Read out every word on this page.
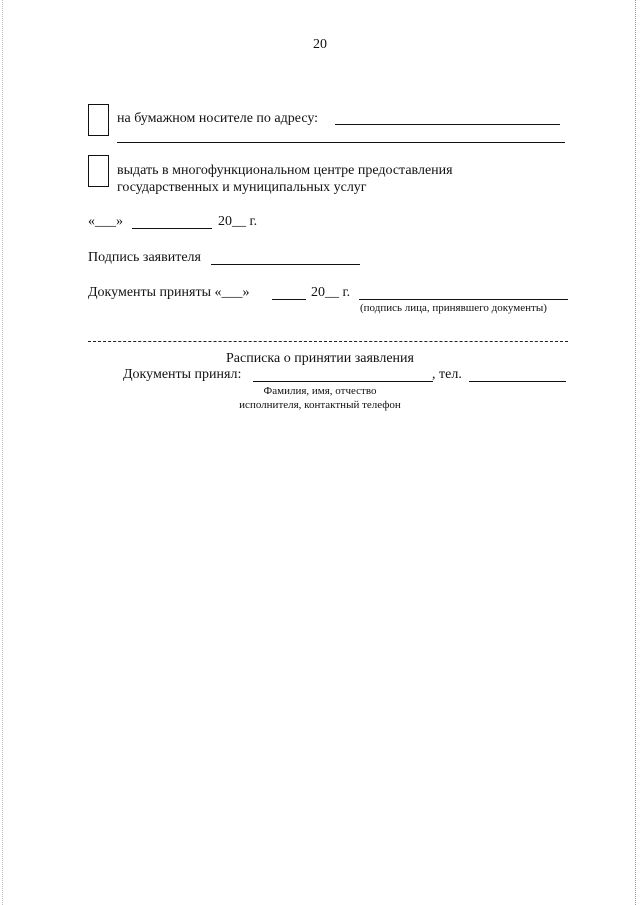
20
на бумажном носителе по адресу:
выдать в многофункциональном центре предоставления
государственных и муниципальных услуг
«___»	20__ г.
Подпись заявителя
Документы приняты «___»	20__ г.
(подпись лица, принявшего документы)
Расписка о принятии заявления
Документы принял:	, тел.
Фамилия, имя, отчество
исполнителя, контактный телефон
